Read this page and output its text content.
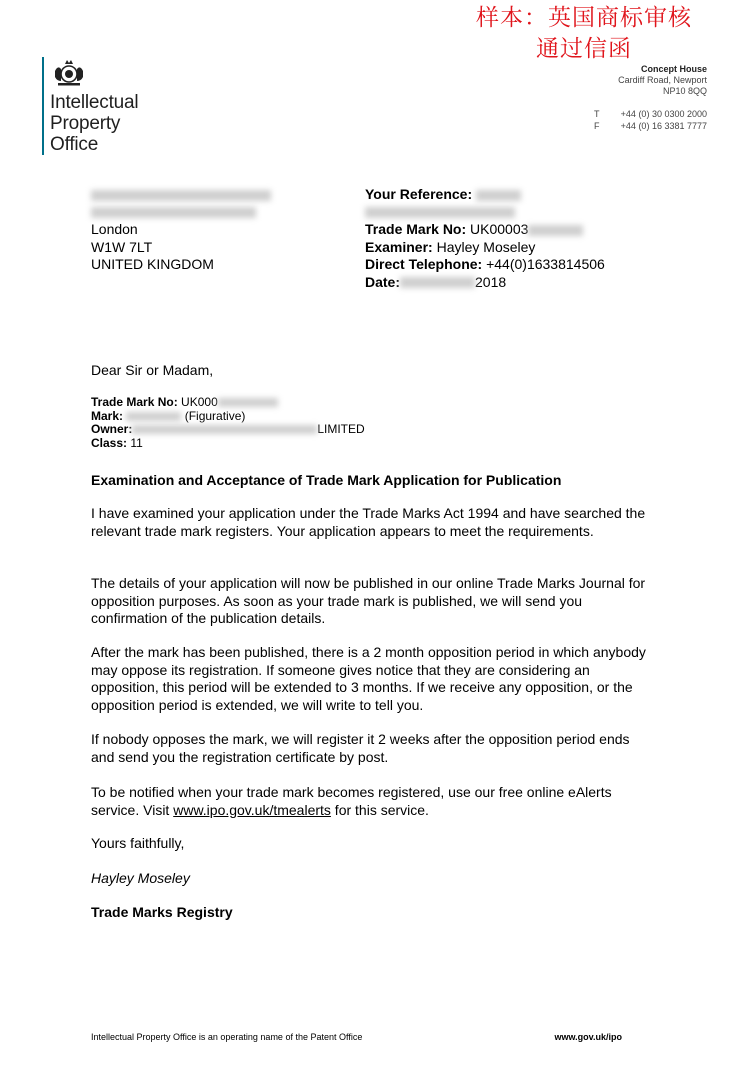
样本：英国商标审核
通过信函
Intellectual
Property
Office
Concept House
Cardiff Road, Newport
NP10 8QQ
T +44 (0) 30 0300 2000
F +44 (0) 16 3381 7777
London
W1W 7LT
UNITED KINGDOM
Your Reference:
Trade Mark No: UK00003
Examiner: Hayley Moseley
Direct Telephone: +44(0)1633814506
Date:	2018
Dear Sir or Madam,
Trade Mark No: UK000
Mark:	(Figurative)
Owner:	LIMITED
Class: 11
Examination and Acceptance of Trade Mark Application for Publication
I have examined your application under the Trade Marks Act 1994 and have searched the relevant trade mark registers. Your application appears to meet the requirements.
The details of your application will now be published in our online Trade Marks Journal for opposition purposes. As soon as your trade mark is published, we will send you confirmation of the publication details.
After the mark has been published, there is a 2 month opposition period in which anybody may oppose its registration. If someone gives notice that they are considering an opposition, this period will be extended to 3 months. If we receive any opposition, or the opposition period is extended, we will write to tell you.
If nobody opposes the mark, we will register it 2 weeks after the opposition period ends and send you the registration certificate by post.
To be notified when your trade mark becomes registered, use our free online eAlerts service. Visit www.ipo.gov.uk/tmealerts for this service.
Yours faithfully,
Hayley Moseley
Trade Marks Registry
Intellectual Property Office is an operating name of the Patent Office	www.gov.uk/ipo
